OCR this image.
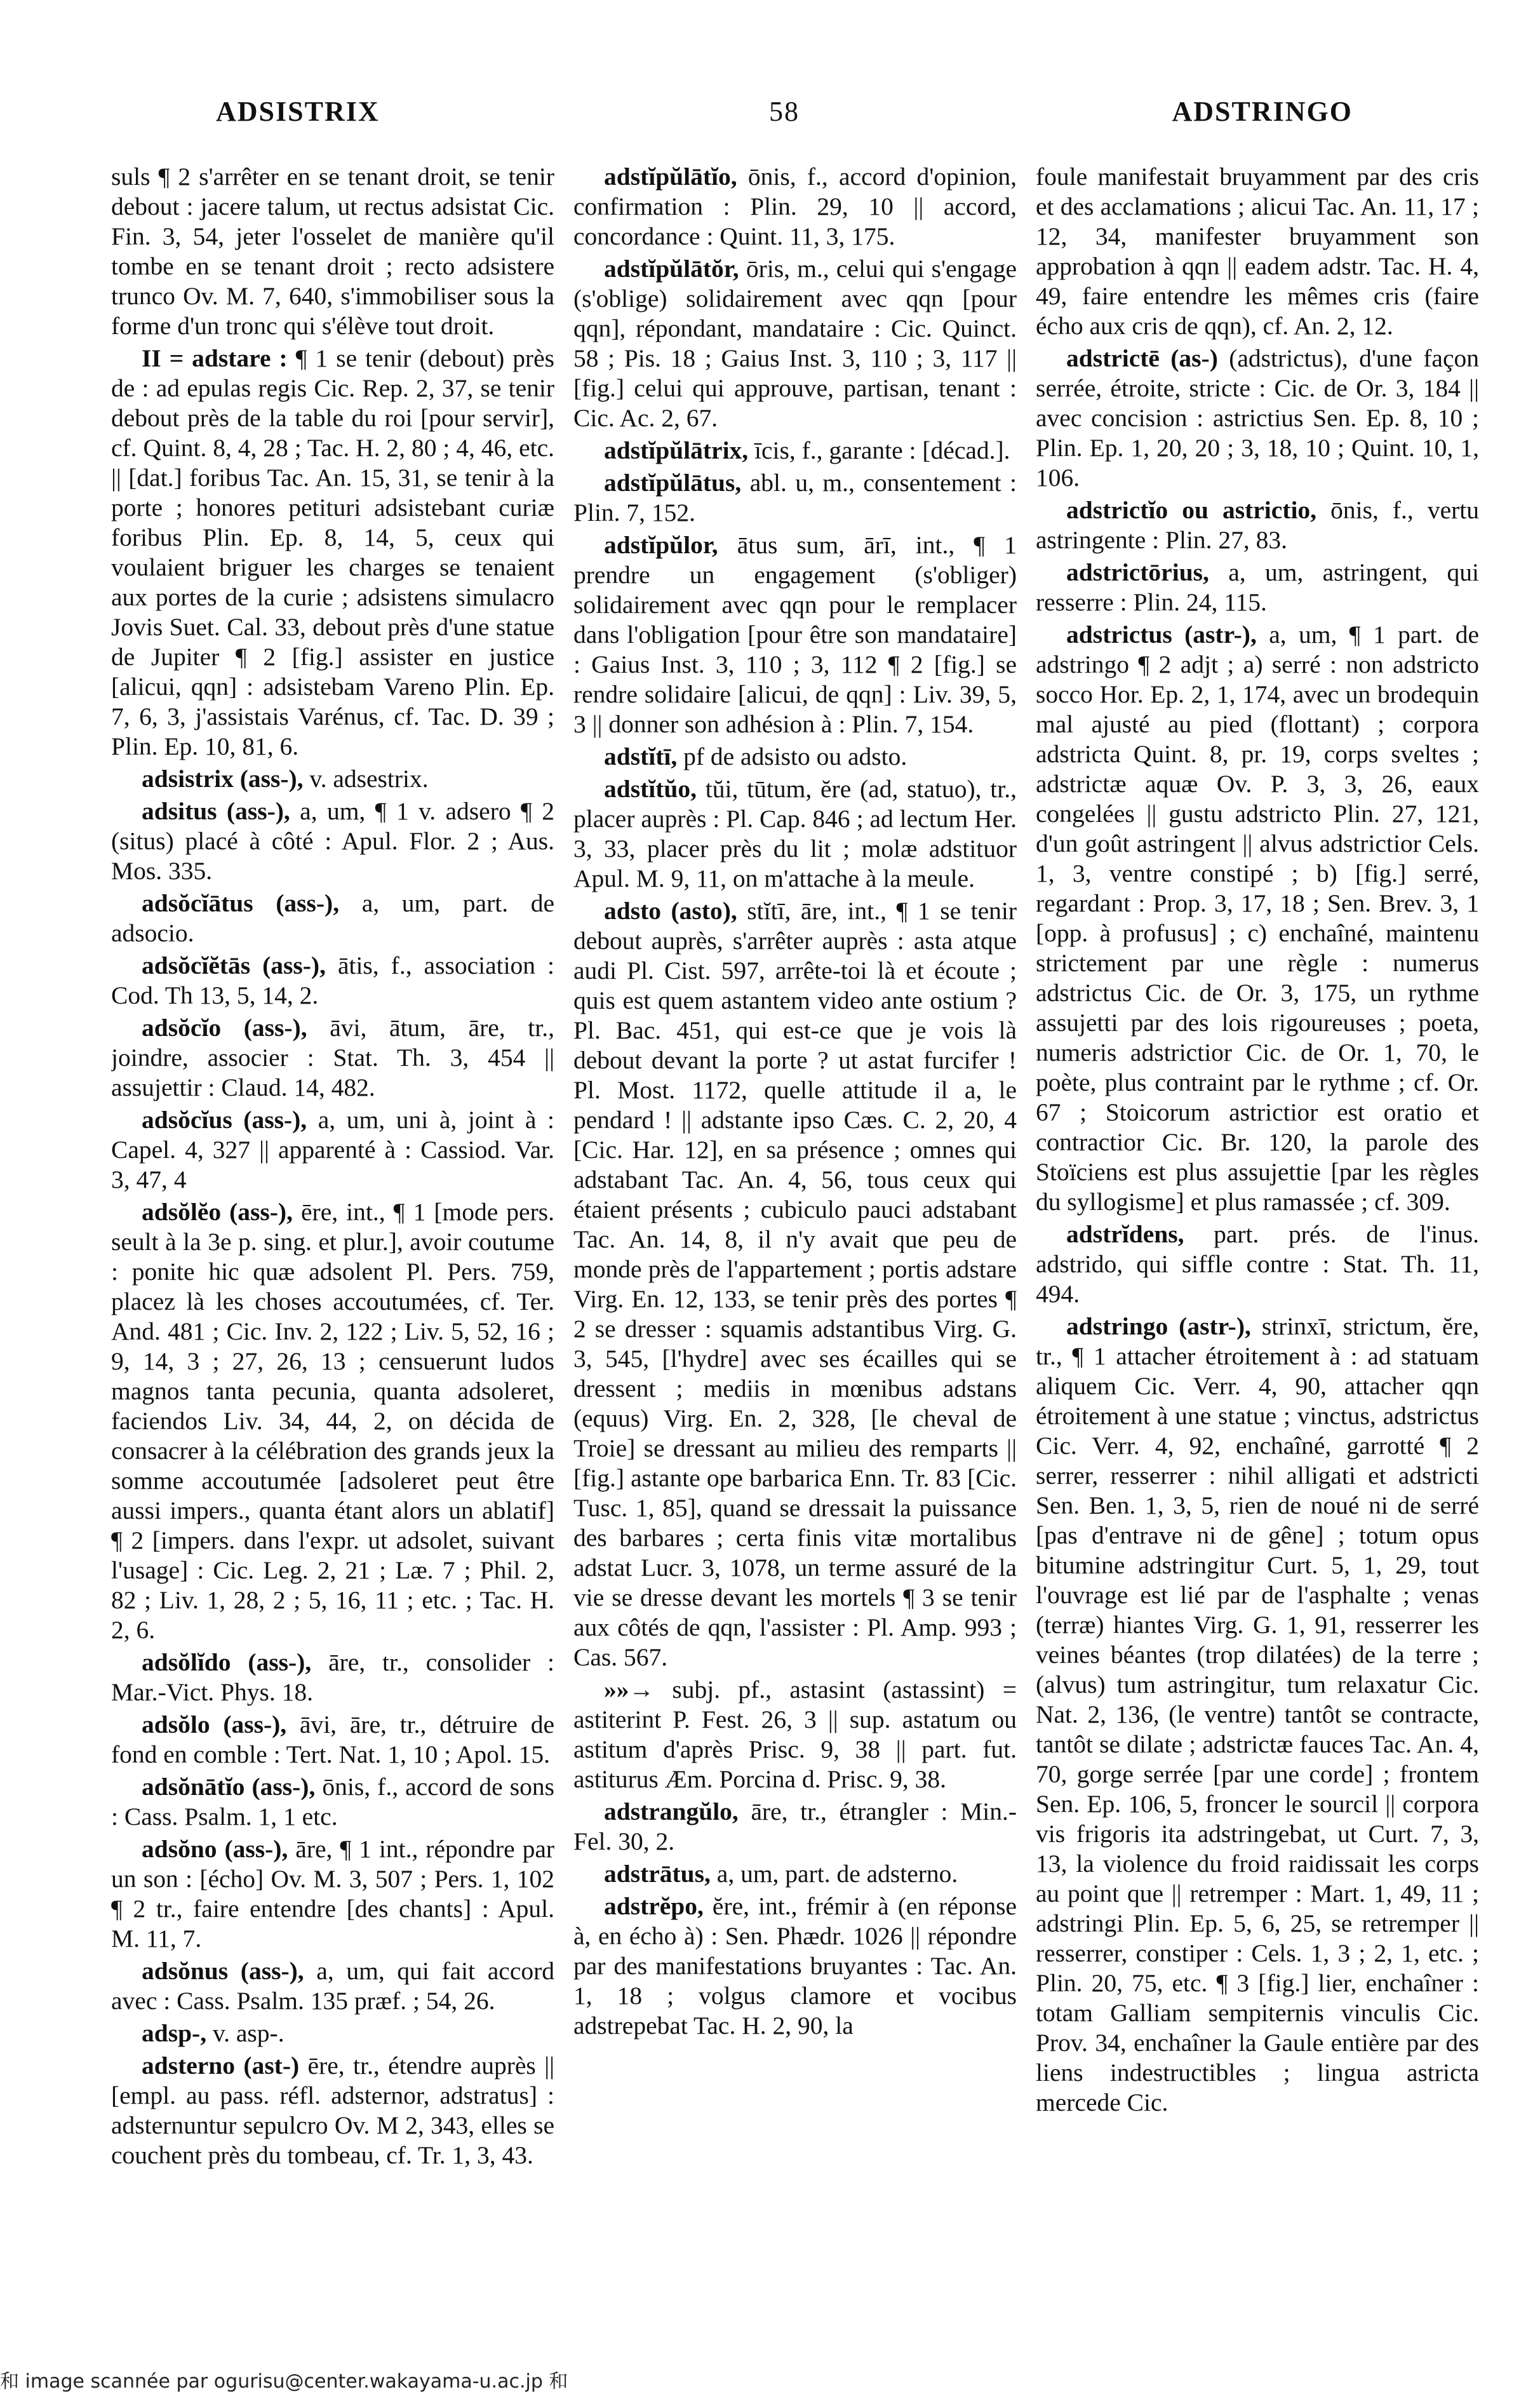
ADSISTRIX	58	ADSTRINGO

suls ¶ 2 s'arrêter en se tenant droit, se tenir debout : jacere talum, ut rectus adsistat Cic. Fin. 3, 54, jeter l'osselet de manière qu'il tombe en se tenant droit ; recto adsistere trunco Ov. M. 7, 640, s'immobiliser sous la forme d'un tronc qui s'élève tout droit.

II = adstare : ¶ 1 se tenir (debout) près de : ad epulas regis Cic. Rep. 2, 37, se tenir debout près de la table du roi [pour servir], cf. Quint. 8, 4, 28 ; Tac. H. 2, 80 ; 4, 46, etc. || [dat.] foribus Tac. An. 15, 31, se tenir à la porte ; honores petituri adsistebant curiæ foribus Plin. Ep. 8, 14, 5, ceux qui voulaient briguer les charges se tenaient aux portes de la curie ; adsistens simulacro Jovis Suet. Cal. 33, debout près d'une statue de Jupiter ¶ 2 [fig.] assister en justice [alicui, qqn] : adsistebam Vareno Plin. Ep. 7, 6, 3, j'assistais Varénus, cf. Tac. D. 39 ; Plin. Ep. 10, 81, 6.

adsistrix (ass-), v. adsestrix.

adsitus (ass-), a, um, ¶ 1 v. adsero ¶ 2 (situs) placé à côté : Apul. Flor. 2 ; Aus. Mos. 335.

adsŏcĭātus (ass-), a, um, part. de adsocio.

adsŏcĭĕtās (ass-), ātis, f., association : Cod. Th 13, 5, 14, 2.

adsŏcĭo (ass-), āvi, ātum, āre, tr., joindre, associer : Stat. Th. 3, 454 || assujettir : Claud. 14, 482.

adsŏcĭus (ass-), a, um, uni à, joint à : Capel. 4, 327 || apparenté à : Cassiod. Var. 3, 47, 4

adsŏlĕo (ass-), ēre, int., ¶ 1 [mode pers. seult à la 3e p. sing. et plur.], avoir coutume : ponite hic quæ adsolent Pl. Pers. 759, placez là les choses accoutumées, cf. Ter. And. 481 ; Cic. Inv. 2, 122 ; Liv. 5, 52, 16 ; 9, 14, 3 ; 27, 26, 13 ; censuerunt ludos magnos tanta pecunia, quanta adsoleret, faciendos Liv. 34, 44, 2, on décida de consacrer à la célébration des grands jeux la somme accoutumée [adsoleret peut être aussi impers., quanta étant alors un ablatif] ¶ 2 [impers. dans l'expr. ut adsolet, suivant l'usage] : Cic. Leg. 2, 21 ; Læ. 7 ; Phil. 2, 82 ; Liv. 1, 28, 2 ; 5, 16, 11 ; etc. ; Tac. H. 2, 6.

adsŏlĭdo (ass-), āre, tr., consolider : Mar.-Vict. Phys. 18.

adsŏlo (ass-), āvi, āre, tr., détruire de fond en comble : Tert. Nat. 1, 10 ; Apol. 15.

adsŏnātĭo (ass-), ōnis, f., accord de sons : Cass. Psalm. 1, 1 etc.

adsŏno (ass-), āre, ¶ 1 int., répondre par un son : [écho] Ov. M. 3, 507 ; Pers. 1, 102 ¶ 2 tr., faire entendre [des chants] : Apul. M. 11, 7.

adsŏnus (ass-), a, um, qui fait accord avec : Cass. Psalm. 135 præf. ; 54, 26.

adsp-, v. asp-.

adsterno (ast-) ēre, tr., étendre auprès || [empl. au pass. réfl. adsternor, adstratus] : adsternuntur sepulcro Ov. M 2, 343, elles se couchent près du tombeau, cf. Tr. 1, 3, 43.

adstĭpŭlātĭo, ōnis, f., accord d'opinion, confirmation : Plin. 29, 10 || accord, concordance : Quint. 11, 3, 175.

adstĭpŭlātŏr, ōris, m., celui qui s'engage (s'oblige) solidairement avec qqn [pour qqn], répondant, mandataire : Cic. Quinct. 58 ; Pis. 18 ; Gaius Inst. 3, 110 ; 3, 117 || [fig.] celui qui approuve, partisan, tenant : Cic. Ac. 2, 67.

adstĭpŭlātrix, īcis, f., garante : [décad.].

adstĭpŭlātus, abl. u, m., consentement : Plin. 7, 152.

adstĭpŭlor, ātus sum, ārī, int., ¶ 1 prendre un engagement (s'obliger) solidairement avec qqn pour le remplacer dans l'obligation [pour être son mandataire] : Gaius Inst. 3, 110 ; 3, 112 ¶ 2 [fig.] se rendre solidaire [alicui, de qqn] : Liv. 39, 5, 3 || donner son adhésion à : Plin. 7, 154.

adstĭtī, pf de adsisto ou adsto.

adstĭtŭo, tŭi, tūtum, ĕre (ad, statuo), tr., placer auprès : Pl. Cap. 846 ; ad lectum Her. 3, 33, placer près du lit ; molæ adstituor Apul. M. 9, 11, on m'attache à la meule.

adsto (asto), stĭtī, āre, int., ¶ 1 se tenir debout auprès, s'arrêter auprès : asta atque audi Pl. Cist. 597, arrête-toi là et écoute ; quis est quem astantem video ante ostium ? Pl. Bac. 451, qui est-ce que je vois là debout devant la porte ? ut astat furcifer ! Pl. Most. 1172, quelle attitude il a, le pendard ! || adstante ipso Cæs. C. 2, 20, 4 [Cic. Har. 12], en sa présence ; omnes qui adstabant Tac. An. 4, 56, tous ceux qui étaient présents ; cubiculo pauci adstabant Tac. An. 14, 8, il n'y avait que peu de monde près de l'appartement ; portis adstare Virg. En. 12, 133, se tenir près des portes ¶ 2 se dresser : squamis adstantibus Virg. G. 3, 545, [l'hydre] avec ses écailles qui se dressent ; mediis in mœnibus adstans (equus) Virg. En. 2, 328, [le cheval de Troie] se dressant au milieu des remparts || [fig.] astante ope barbarica Enn. Tr. 83 [Cic. Tusc. 1, 85], quand se dressait la puissance des barbares ; certa finis vitæ mortalibus adstat Lucr. 3, 1078, un terme assuré de la vie se dresse devant les mortels ¶ 3 se tenir aux côtés de qqn, l'assister : Pl. Amp. 993 ; Cas. 567.

»»→ subj. pf., astasint (astassint) = astiterint P. Fest. 26, 3 || sup. astatum ou astitum d'après Prisc. 9, 38 || part. fut. astiturus Æm. Porcina d. Prisc. 9, 38.

adstrangŭlo, āre, tr., étrangler : Min.-Fel. 30, 2.

adstrātus, a, um, part. de adsterno.

adstrĕpo, ĕre, int., frémir à (en réponse à, en écho à) : Sen. Phædr. 1026 || répondre par des manifestations bruyantes : Tac. An. 1, 18 ; volgus clamore et vocibus adstrepebat Tac. H. 2, 90, la

foule manifestait bruyamment par des cris et des acclamations ; alicui Tac. An. 11, 17 ; 12, 34, manifester bruyamment son approbation à qqn || eadem adstr. Tac. H. 4, 49, faire entendre les mêmes cris (faire écho aux cris de qqn), cf. An. 2, 12.

adstrictē (as-) (adstrictus), d'une façon serrée, étroite, stricte : Cic. de Or. 3, 184 || avec concision : astrictius Sen. Ep. 8, 10 ; Plin. Ep. 1, 20, 20 ; 3, 18, 10 ; Quint. 10, 1, 106.

adstrictĭo ou astrictio, ōnis, f., vertu astringente : Plin. 27, 83.

adstrictōrius, a, um, astringent, qui resserre : Plin. 24, 115.

adstrictus (astr-), a, um, ¶ 1 part. de adstringo ¶ 2 adjt ; a) serré : non adstricto socco Hor. Ep. 2, 1, 174, avec un brodequin mal ajusté au pied (flottant) ; corpora adstricta Quint. 8, pr. 19, corps sveltes ; adstrictæ aquæ Ov. P. 3, 3, 26, eaux congelées || gustu adstricto Plin. 27, 121, d'un goût astringent || alvus adstrictior Cels. 1, 3, ventre constipé ; b) [fig.] serré, regardant : Prop. 3, 17, 18 ; Sen. Brev. 3, 1 [opp. à profusus] ; c) enchaîné, maintenu strictement par une règle : numerus adstrictus Cic. de Or. 3, 175, un rythme assujetti par des lois rigoureuses ; poeta, numeris adstrictior Cic. de Or. 1, 70, le poète, plus contraint par le rythme ; cf. Or. 67 ; Stoicorum astrictior est oratio et contractior Cic. Br. 120, la parole des Stoïciens est plus assujettie [par les règles du syllogisme] et plus ramassée ; cf. 309.

adstrĭdens, part. prés. de l'inus. adstrido, qui siffle contre : Stat. Th. 11, 494.

adstringo (astr-), strinxī, strictum, ĕre, tr., ¶ 1 attacher étroitement à : ad statuam aliquem Cic. Verr. 4, 90, attacher qqn étroitement à une statue ; vinctus, adstrictus Cic. Verr. 4, 92, enchaîné, garrotté ¶ 2 serrer, resserrer : nihil alligati et adstricti Sen. Ben. 1, 3, 5, rien de noué ni de serré [pas d'entrave ni de gêne] ; totum opus bitumine adstringitur Curt. 5, 1, 29, tout l'ouvrage est lié par de l'asphalte ; venas (terræ) hiantes Virg. G. 1, 91, resserrer les veines béantes (trop dilatées) de la terre ; (alvus) tum astringitur, tum relaxatur Cic. Nat. 2, 136, (le ventre) tantôt se contracte, tantôt se dilate ; adstrictæ fauces Tac. An. 4, 70, gorge serrée [par une corde] ; frontem Sen. Ep. 106, 5, froncer le sourcil || corpora vis frigoris ita adstringebat, ut Curt. 7, 3, 13, la violence du froid raidissait les corps au point que || retremper : Mart. 1, 49, 11 ; adstringi Plin. Ep. 5, 6, 25, se retremper || resserrer, constiper : Cels. 1, 3 ; 2, 1, etc. ; Plin. 20, 75, etc. ¶ 3 [fig.] lier, enchaîner : totam Galliam sempiternis vinculis Cic. Prov. 34, enchaîner la Gaule entière par des liens indestructibles ; lingua astricta mercede Cic.

和 image scannée par ogurisu@center.wakayama-u.ac.jp 和
